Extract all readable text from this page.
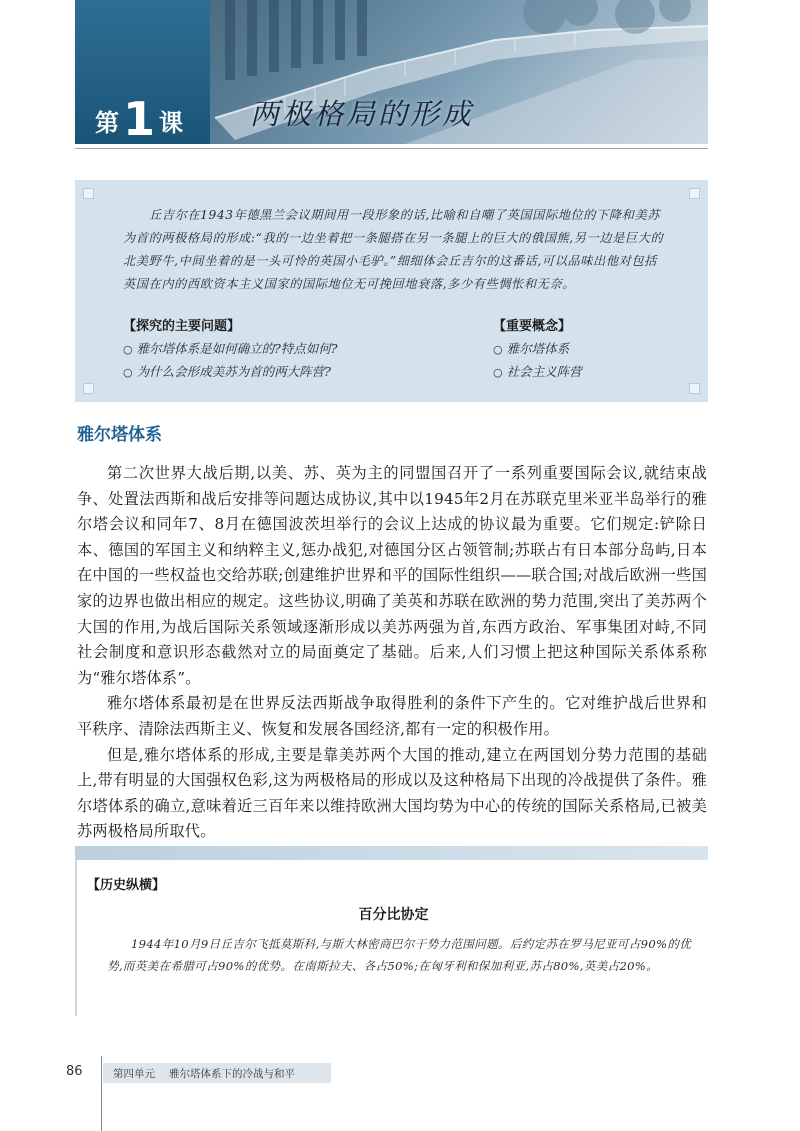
第1 课 两极格局的形成

丘吉尔在1943年德黑兰会议期间用一段形象的话,比喻和自嘲了英国国际地位的下降和美苏为首的两极格局的形成:“我的一边坐着把一条腿搭在另一条腿上的巨大的俄国熊,另一边是巨大的北美野牛,中间坐着的是一头可怜的英国小毛驴。”细细体会丘吉尔的这番话,可以品味出他对包括英国在内的西欧资本主义国家的国际地位无可挽回地衰落,多少有些惆怅和无奈。

【探究的主要问题】
○ 雅尔塔体系是如何确立的?特点如何?
○ 为什么会形成美苏为首的两大阵营?
【重要概念】
○ 雅尔塔体系
○ 社会主义阵营
雅尔塔体系

第二次世界大战后期,以美、苏、英为主的同盟国召开了一系列重要国际会议,就结束战争、处置法西斯和战后安排等问题达成协议,其中以1945年2月在苏联克里米亚半岛举行的雅尔塔会议和同年7、8月在德国波茨坦举行的会议上达成的协议最为重要。它们规定:铲除日本、德国的军国主义和纳粹主义,惩办战犯,对德国分区占领管制;苏联占有日本部分岛屿,日本在中国的一些权益也交给苏联;创建维护世界和平的国际性组织——联合国;对战后欧洲一些国家的边界也做出相应的规定。这些协议,明确了美英和苏联在欧洲的势力范围,突出了美苏两个大国的作用,为战后国际关系领域逐渐形成以美苏两强为首,东西方政治、军事集团对峙,不同社会制度和意识形态截然对立的局面奠定了基础。后来,人们习惯上把这种国际关系体系称为“雅尔塔体系”。

雅尔塔体系最初是在世界反法西斯战争取得胜利的条件下产生的。它对维护战后世界和平秩序、清除法西斯主义、恢复和发展各国经济,都有一定的积极作用。

但是,雅尔塔体系的形成,主要是靠美苏两个大国的推动,建立在两国划分势力范围的基础上,带有明显的大国强权色彩,这为两极格局的形成以及这种格局下出现的冷战提供了条件。雅尔塔体系的确立,意味着近三百年来以维持欧洲大国均势为中心的传统的国际关系格局,已被美苏两极格局所取代。

【历史纵横】
百分比协定

1944年10月9日丘吉尔飞抵莫斯科,与斯大林密商巴尔干势力范围问题。后约定苏在罗马尼亚可占90%的优势,而英美在希腊可占90%的优势。在南斯拉夫、各占50%;在匈牙利和保加利亚,苏占80%,英美占20%。

86	第四单元 雅尔塔体系下的冷战与和平
